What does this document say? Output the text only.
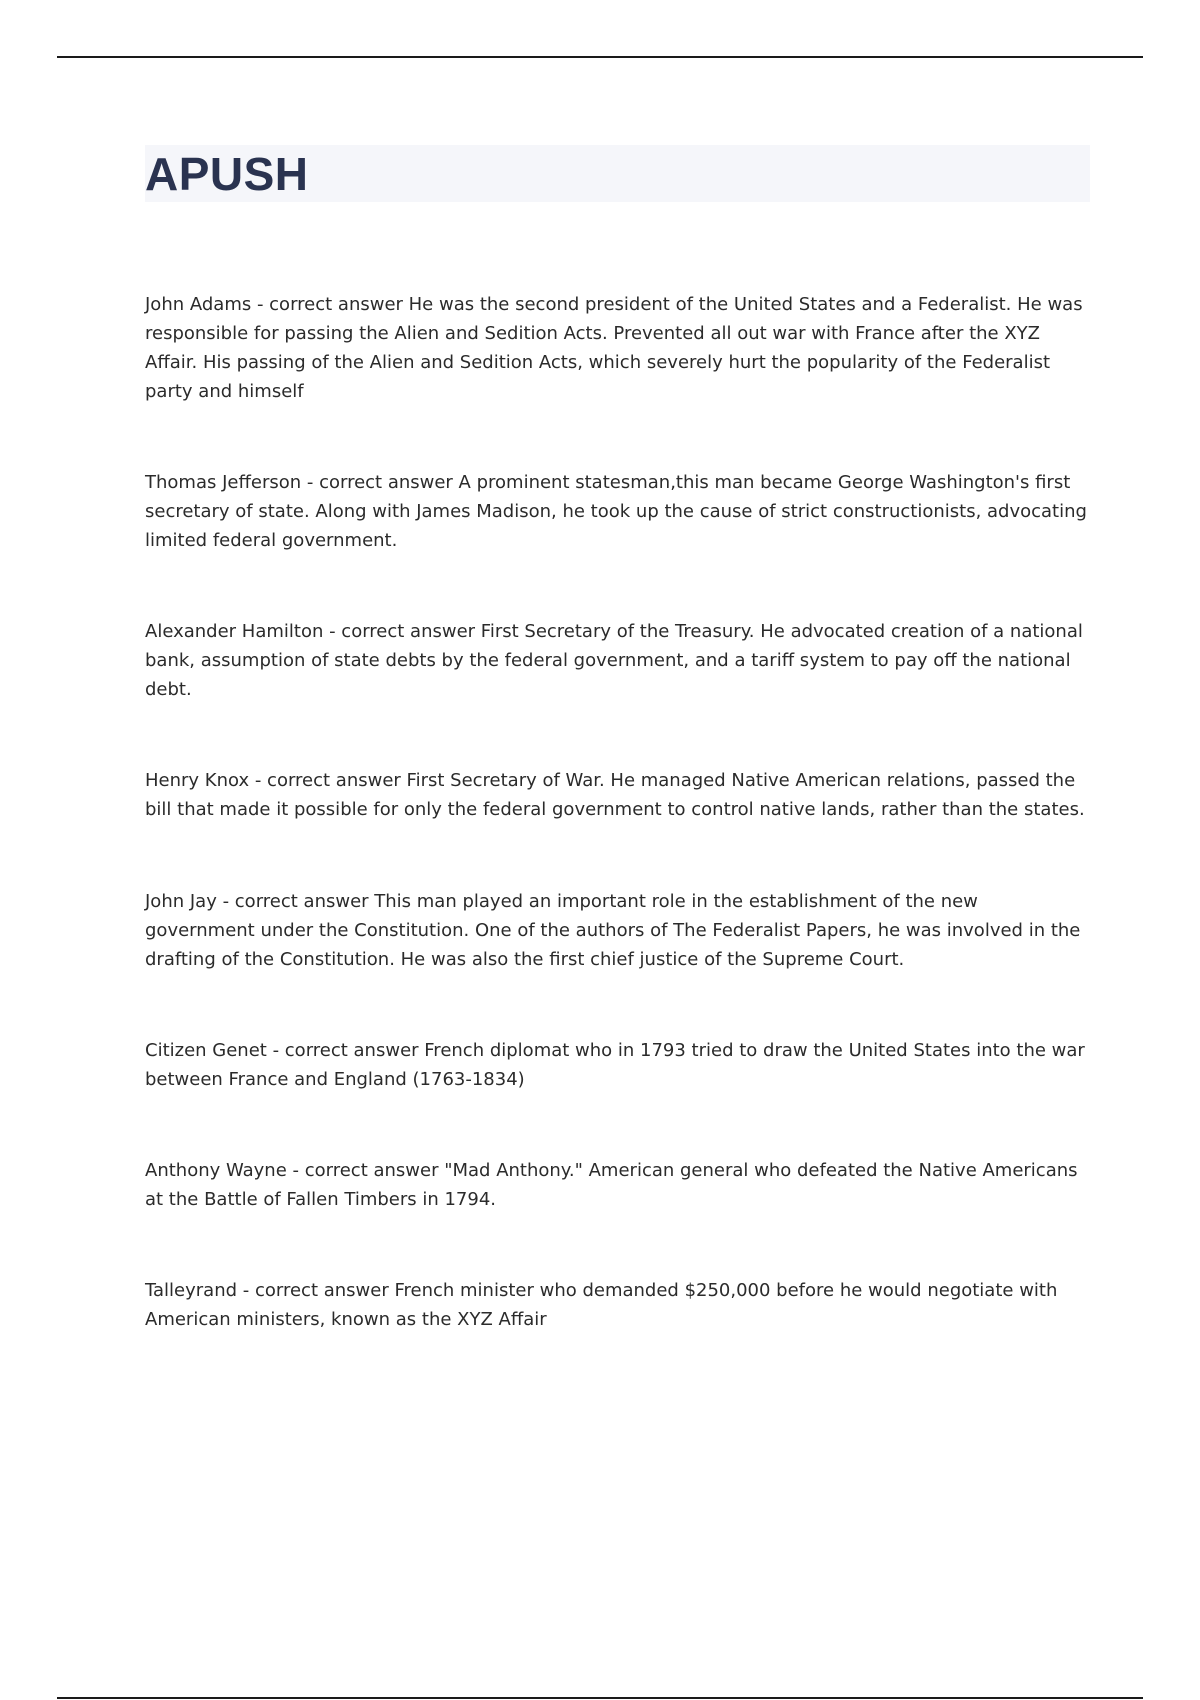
APUSH

John Adams - correct answer He was the second president of the United States and a Federalist. He was responsible for passing the Alien and Sedition Acts. Prevented all out war with France after the XYZ Affair. His passing of the Alien and Sedition Acts, which severely hurt the popularity of the Federalist party and himself

Thomas Jefferson - correct answer A prominent statesman,this man became George Washington's first secretary of state. Along with James Madison, he took up the cause of strict constructionists, advocating limited federal government.

Alexander Hamilton - correct answer First Secretary of the Treasury. He advocated creation of a national bank, assumption of state debts by the federal government, and a tariff system to pay off the national debt.

Henry Knox - correct answer First Secretary of War. He managed Native American relations, passed the bill that made it possible for only the federal government to control native lands, rather than the states.

John Jay - correct answer This man played an important role in the establishment of the new government under the Constitution. One of the authors of The Federalist Papers, he was involved in the drafting of the Constitution. He was also the first chief justice of the Supreme Court.

Citizen Genet - correct answer French diplomat who in 1793 tried to draw the United States into the war between France and England (1763-1834)

Anthony Wayne - correct answer "Mad Anthony." American general who defeated the Native Americans at the Battle of Fallen Timbers in 1794.

Talleyrand - correct answer French minister who demanded $250,000 before he would negotiate with American ministers, known as the XYZ Affair
